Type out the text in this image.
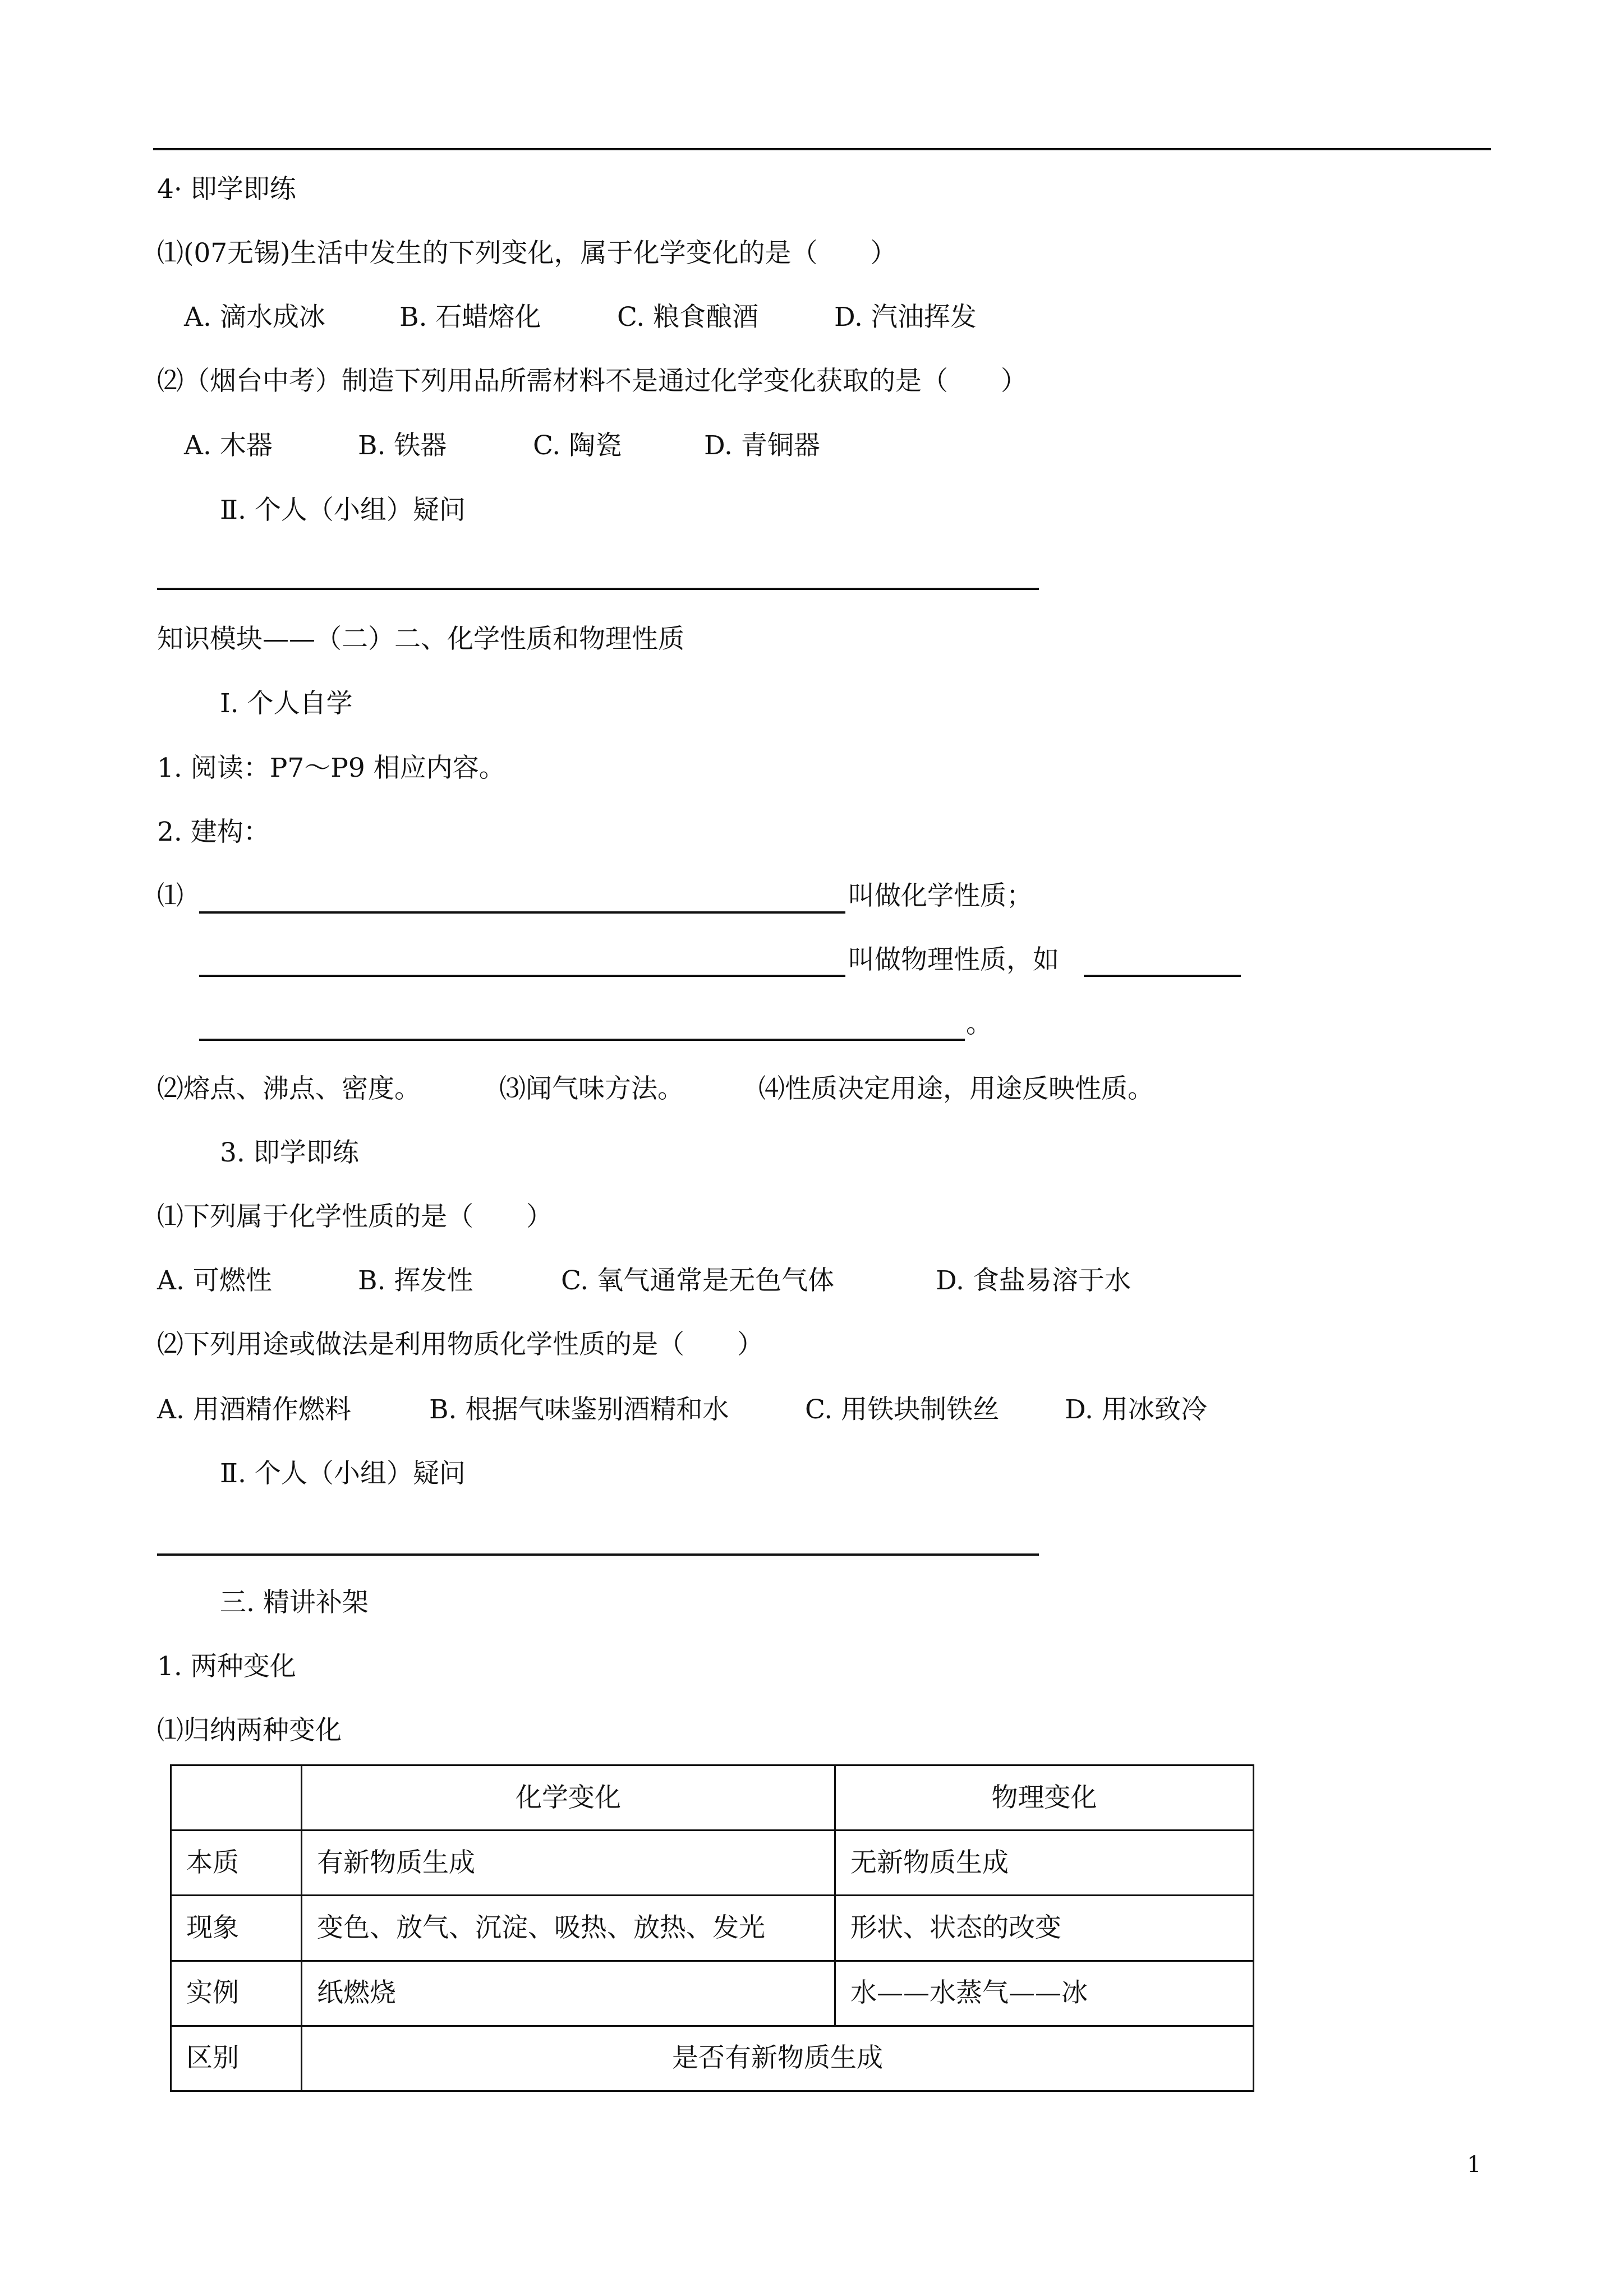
4· 即学即练
⑴(07无锡)生活中发生的下列变化，属于化学变化的是（　　）
A. 滴水成冰	B. 石蜡熔化	C. 粮食酿酒	D. 汽油挥发
⑵（烟台中考）制造下列用品所需材料不是通过化学变化获取的是（　　）
A. 木器	B. 铁器	C. 陶瓷	D. 青铜器
Ⅱ. 个人（小组）疑问
知识模块——（二）二、化学性质和物理性质
Ⅰ. 个人自学
1. 阅读：P7～P9 相应内容。
2. 建构：
⑴	叫做化学性质；
叫做物理性质，如
。
⑵熔点、沸点、密度。	⑶闻气味方法。	⑷性质决定用途，用途反映性质。
3. 即学即练
⑴下列属于化学性质的是（　　）
A. 可燃性	B. 挥发性	C. 氧气通常是无色气体	D. 食盐易溶于水
⑵下列用途或做法是利用物质化学性质的是（　　）
A. 用酒精作燃料	B. 根据气味鉴别酒精和水	C. 用铁块制铁丝 D. 用冰致冷
Ⅱ. 个人（小组）疑问
三. 精讲补架
1. 两种变化
⑴归纳两种变化
	化学变化	物理变化
本质	有新物质生成	无新物质生成
现象	变色、放气、沉淀、吸热、放热、发光	形状、状态的改变
实例	纸燃烧	水——水蒸气——冰
区别	是否有新物质生成	
1
